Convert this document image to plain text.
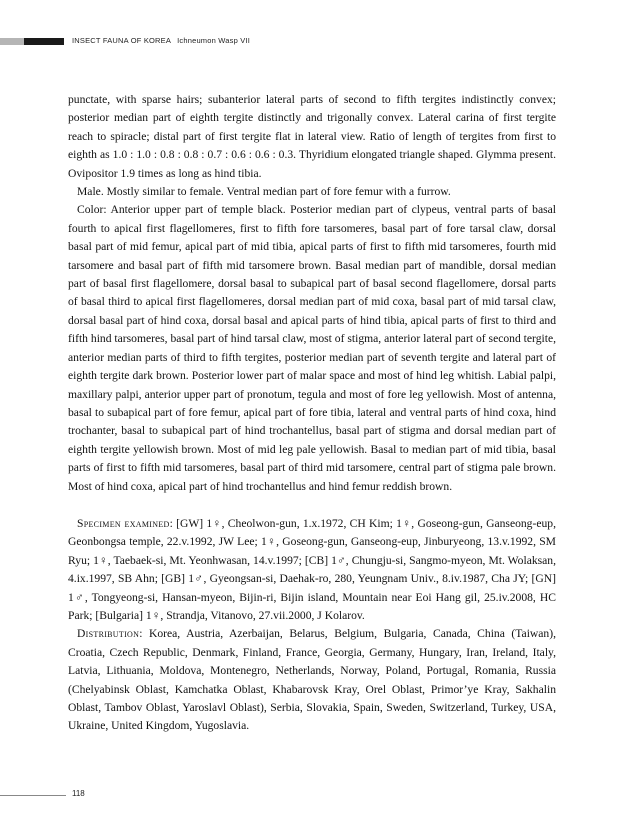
INSECT FAUNA OF KOREA Ichneumon Wasp VII

punctate, with sparse hairs; subanterior lateral parts of second to fifth tergites indistinctly convex; posterior median part of eighth tergite distinctly and trigonally convex. Lateral carina of first tergite reach to spiracle; distal part of first tergite flat in lateral view. Ratio of length of tergites from first to eighth as 1.0 : 1.0 : 0.8 : 0.8 : 0.7 : 0.6 : 0.6 : 0.3. Thyridium elongated triangle shaped. Glymma present. Ovipositor 1.9 times as long as hind tibia.

Male. Mostly similar to female. Ventral median part of fore femur with a furrow.

Color: Anterior upper part of temple black. Posterior median part of clypeus, ventral parts of basal fourth to apical first flagellomeres, first to fifth fore tarsomeres, basal part of fore tarsal claw, dorsal basal part of mid femur, apical part of mid tibia, apical parts of first to fifth mid tarsomeres, fourth mid tarsomere and basal part of fifth mid tarsomere brown. Basal median part of mandible, dorsal median part of basal first flagellomere, dorsal basal to subapical part of basal second flagellomere, dorsal parts of basal third to apical first flagellomeres, dorsal median part of mid coxa, basal part of mid tarsal claw, dorsal basal part of hind coxa, dorsal basal and apical parts of hind tibia, apical parts of first to third and fifth hind tarsomeres, basal part of hind tarsal claw, most of stigma, anterior lateral part of second tergite, anterior median parts of third to fifth tergites, posterior median part of seventh tergite and lateral part of eighth tergite dark brown. Posterior lower part of malar space and most of hind leg whitish. Labial palpi, maxillary palpi, anterior upper part of pronotum, tegula and most of fore leg yellowish. Most of antenna, basal to subapical part of fore femur, apical part of fore tibia, lateral and ventral parts of hind coxa, hind trochanter, basal to subapical part of hind trochantellus, basal part of stigma and dorsal median part of eighth tergite yellowish brown. Most of mid leg pale yellowish. Basal to median part of mid tibia, basal parts of first to fifth mid tarsomeres, basal part of third mid tarsomere, central part of stigma pale brown. Most of hind coxa, apical part of hind trochantellus and hind femur reddish brown.

Specimen examined: [GW] 1♀, Cheolwon-gun, 1.x.1972, CH Kim; 1♀, Goseong-gun, Ganseong-eup, Geonbongsa temple, 22.v.1992, JW Lee; 1♀, Goseong-gun, Ganseong-eup, Jinburyeong, 13.v.1992, SM Ryu; 1♀, Taebaek-si, Mt. Yeonhwasan, 14.v.1997; [CB] 1♂, Chungju-si, Sangmo-myeon, Mt. Wolaksan, 4.ix.1997, SB Ahn; [GB] 1♂, Gyeongsan-si, Daehak-ro, 280, Yeungnam Univ., 8.iv.1987, Cha JY; [GN] 1♂, Tongyeong-si, Hansan-myeon, Bijin-ri, Bijin island, Mountain near Eoi Hang gil, 25.iv.2008, HC Park; [Bulgaria] 1♀, Strandja, Vitanovo, 27.vii.2000, J Kolarov.

Distribution: Korea, Austria, Azerbaijan, Belarus, Belgium, Bulgaria, Canada, China (Taiwan), Croatia, Czech Republic, Denmark, Finland, France, Georgia, Germany, Hungary, Iran, Ireland, Italy, Latvia, Lithuania, Moldova, Montenegro, Netherlands, Norway, Poland, Portugal, Romania, Russia (Chelyabinsk Oblast, Kamchatka Oblast, Khabarovsk Kray, Orel Oblast, Primor’ye Kray, Sakhalin Oblast, Tambov Oblast, Yaroslavl Oblast), Serbia, Slovakia, Spain, Sweden, Switzerland, Turkey, USA, Ukraine, United Kingdom, Yugoslavia.

118
